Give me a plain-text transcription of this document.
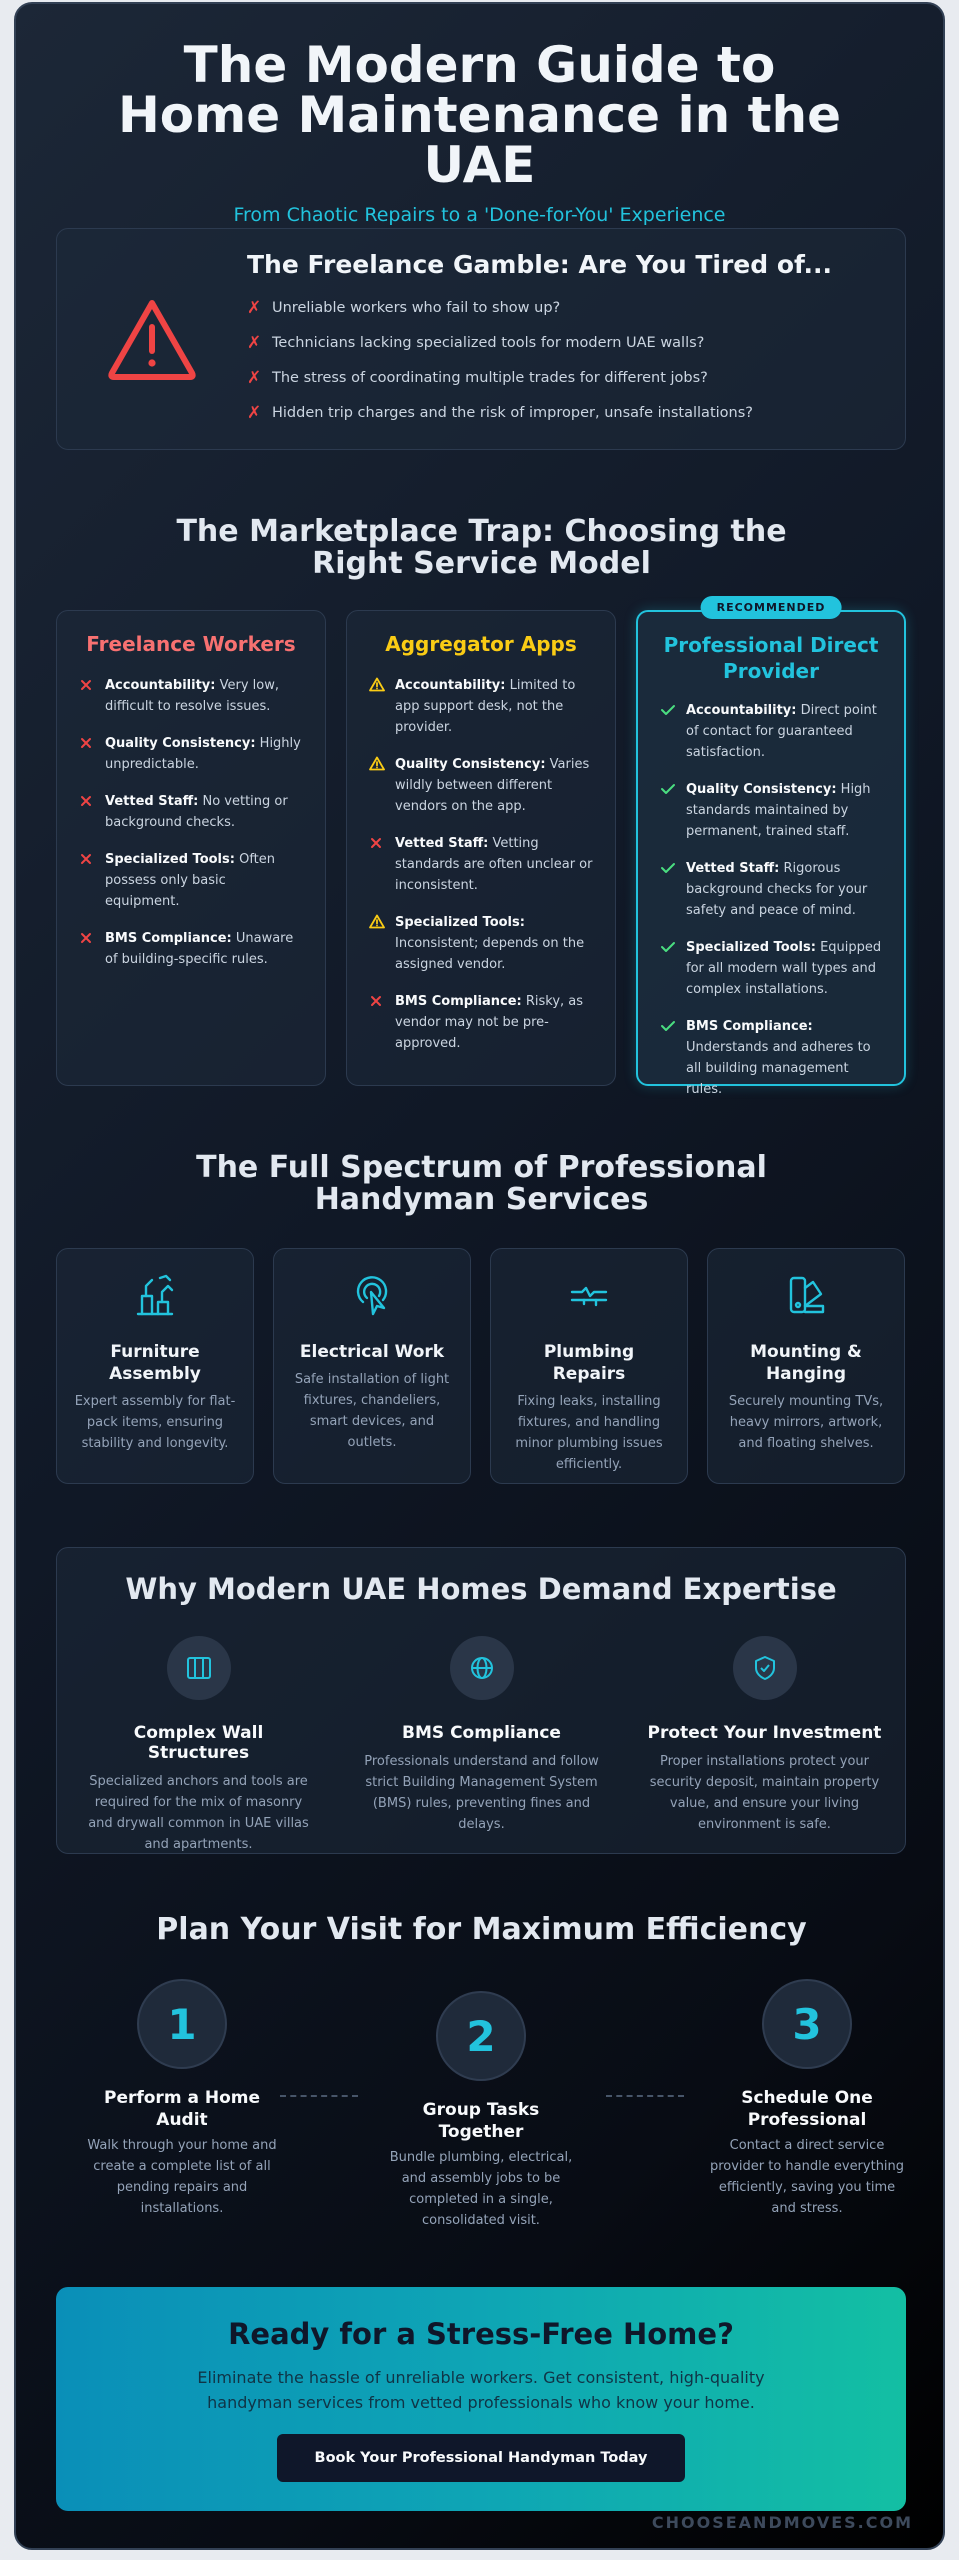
The Modern Guide to Home Maintenance in the UAE
From Chaotic Repairs to a 'Done-for-You' Experience
The Freelance Gamble: Are You Tired of...
✗ Unreliable workers who fail to show up?
✗ Technicians lacking specialized tools for modern UAE walls?
✗ The stress of coordinating multiple trades for different jobs?
✗ Hidden trip charges and the risk of improper, unsafe installations?
The Marketplace Trap: Choosing the Right Service Model
Freelance Workers
Accountability: Very low, difficult to resolve issues.
Quality Consistency: Highly unpredictable.
Vetted Staff: No vetting or background checks.
Specialized Tools: Often possess only basic equipment.
BMS Compliance: Unaware of building-specific rules.
Aggregator Apps
Accountability: Limited to app support desk, not the provider.
Quality Consistency: Varies wildly between different vendors on the app.
Vetted Staff: Vetting standards are often unclear or inconsistent.
Specialized Tools: Inconsistent; depends on the assigned vendor.
BMS Compliance: Risky, as vendor may not be pre-approved.
RECOMMENDED
Professional Direct Provider
Accountability: Direct point of contact for guaranteed satisfaction.
Quality Consistency: High standards maintained by permanent, trained staff.
Vetted Staff: Rigorous background checks for your safety and peace of mind.
Specialized Tools: Equipped for all modern wall types and complex installations.
BMS Compliance: Understands and adheres to all building management rules.
The Full Spectrum of Professional Handyman Services
Furniture Assembly
Expert assembly for flat-pack items, ensuring stability and longevity.
Electrical Work
Safe installation of light fixtures, chandeliers, smart devices, and outlets.
Plumbing Repairs
Fixing leaks, installing fixtures, and handling minor plumbing issues efficiently.
Mounting & Hanging
Securely mounting TVs, heavy mirrors, artwork, and floating shelves.
Why Modern UAE Homes Demand Expertise
Complex Wall Structures
Specialized anchors and tools are required for the mix of masonry and drywall common in UAE villas and apartments.
BMS Compliance
Professionals understand and follow strict Building Management System (BMS) rules, preventing fines and delays.
Protect Your Investment
Proper installations protect your security deposit, maintain property value, and ensure your living environment is safe.
Plan Your Visit for Maximum Efficiency
1
Perform a Home Audit
Walk through your home and create a complete list of all pending repairs and installations.
2
Group Tasks Together
Bundle plumbing, electrical, and assembly jobs to be completed in a single, consolidated visit.
3
Schedule One Professional
Contact a direct service provider to handle everything efficiently, saving you time and stress.
Ready for a Stress-Free Home?
Eliminate the hassle of unreliable workers. Get consistent, high-quality handyman services from vetted professionals who know your home.
Book Your Professional Handyman Today
CHOOSEANDMOVES.COM
